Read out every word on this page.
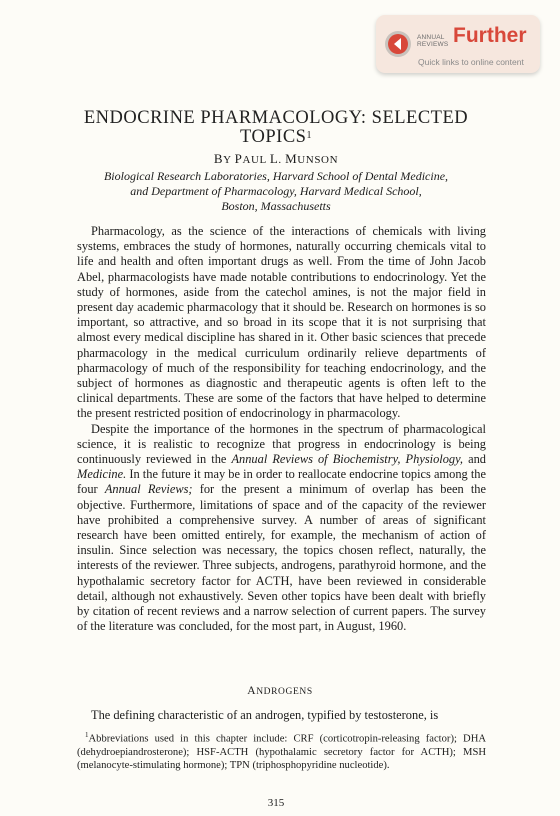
ANNUAL
REVIEWS Further
Quick links to online content
ENDOCRINE PHARMACOLOGY: SELECTED TOPICS$^1$
BY PAUL L. MUNSON
Biological Research Laboratories, Harvard School of Dental Medicine,
and Department of Pharmacology, Harvard Medical School,
Boston, Massachusetts

Pharmacology, as the science of the interactions of chemicals with living systems, embraces the study of hormones, naturally occurring chemicals vital to life and health and often important drugs as well. From the time of John Jacob Abel, pharmacologists have made notable contributions to endocrinology. Yet the study of hormones, aside from the catechol amines, is not the major field in present day academic pharmacology that it should be. Research on hormones is so important, so attractive, and so broad in its scope that it is not surprising that almost every medical discipline has shared in it. Other basic sciences that precede pharmacology in the medical curriculum ordinarily relieve departments of pharmacology of much of the responsibility for teaching endocrinology, and the subject of hormones as diagnostic and therapeutic agents is often left to the clinical departments. These are some of the factors that have helped to determine the present restricted position of endocrinology in pharmacology.

Despite the importance of the hormones in the spectrum of pharmacological science, it is realistic to recognize that progress in endocrinology is being continuously reviewed in the Annual Reviews of Biochemistry, Physiology, and Medicine. In the future it may be in order to reallocate endocrine topics among the four Annual Reviews; for the present a minimum of overlap has been the objective. Furthermore, limitations of space and of the capacity of the reviewer have prohibited a comprehensive survey. A number of areas of significant research have been omitted entirely, for example, the mechanism of action of insulin. Since selection was necessary, the topics chosen reflect, naturally, the interests of the reviewer. Three subjects, androgens, parathyroid hormone, and the hypothalamic secretory factor for ACTH, have been reviewed in considerable detail, although not exhaustively. Seven other topics have been dealt with briefly by citation of recent reviews and a narrow selection of current papers. The survey of the literature was concluded, for the most part, in August, 1960.

ANDROGENS
The defining characteristic of an androgen, typified by testosterone, is

$^1$Abbreviations used in this chapter include: CRF (corticotropin-releasing factor); DHA (dehydroepiandrosterone); HSF-ACTH (hypothalamic secretory factor for ACTH); MSH (melanocyte-stimulating hormone); TPN (triphosphopyridine nucleotide).

315
